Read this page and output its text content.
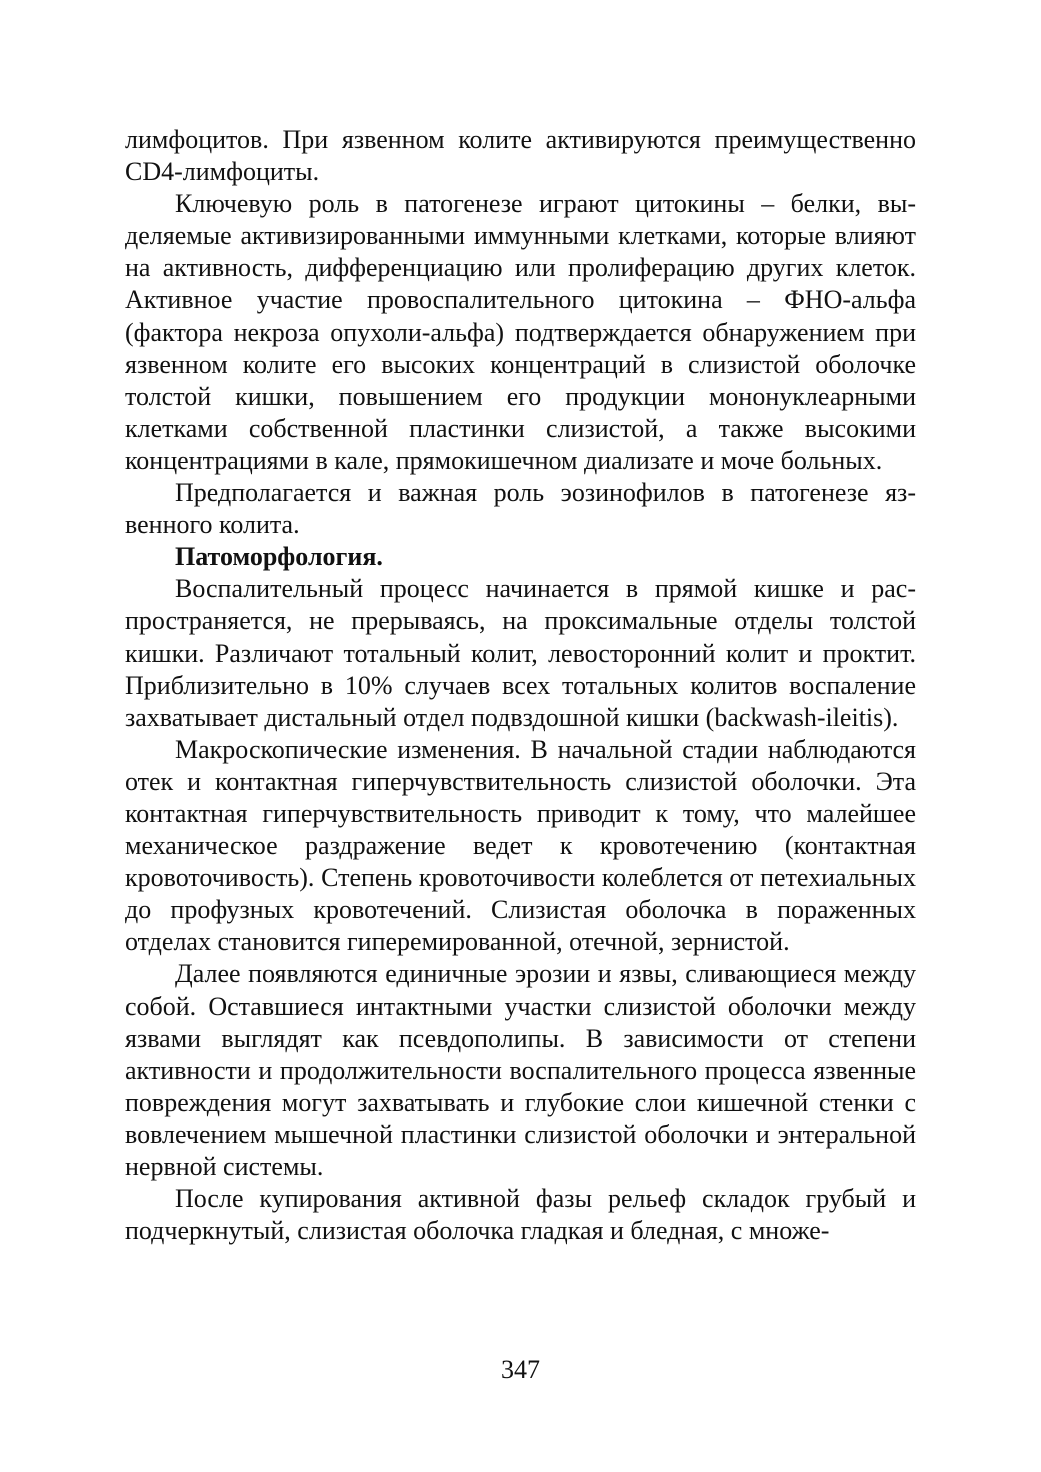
лимфоцитов. При язвенном колите активируются преимущественно CD4-лимфоциты.

Ключевую роль в патогенезе играют цитокины – белки, выделяемые активизированными иммунными клетками, которые влияют на активность, дифференциацию или пролиферацию других клеток. Активное участие провоспалительного цитокина – ФНО-альфа (фактора некроза опухоли-альфа) подтверждается обнаружением при язвенном колите его высоких концентраций в слизистой оболочке толстой кишки, повышением его продукции мононуклеарными клетками собственной пластинки слизистой, а также высокими концентрациями в кале, прямокишечном диализате и моче больных.

Предполагается и важная роль эозинофилов в патогенезе язвенного колита.

Патоморфология.

Воспалительный процесс начинается в прямой кишке и распространяется, не прерываясь, на проксимальные отделы толстой кишки. Различают тотальный колит, левосторонний колит и проктит. Приблизительно в 10% случаев всех тотальных колитов воспаление захватывает дистальный отдел подвздошной кишки (backwash-ileitis).

Макроскопические изменения. В начальной стадии наблюдаются отек и контактная гиперчувствительность слизистой оболочки. Эта контактная гиперчувствительность приводит к тому, что малейшее механическое раздражение ведет к кровотечению (контактная кровоточивость). Степень кровоточивости колеблется от петехиальных до профузных кровотечений. Слизистая оболочка в пораженных отделах становится гиперемированной, отечной, зернистой.

Далее появляются единичные эрозии и язвы, сливающиеся между собой. Оставшиеся интактными участки слизистой оболочки между язвами выглядят как псевдополипы. В зависимости от степени активности и продолжительности воспалительного процесса язвенные повреждения могут захватывать и глубокие слои кишечной стенки с вовлечением мышечной пластинки слизистой оболочки и энтеральной нервной системы.

После купирования активной фазы рельеф складок грубый и подчеркнутый, слизистая оболочка гладкая и бледная, с множе-

347
